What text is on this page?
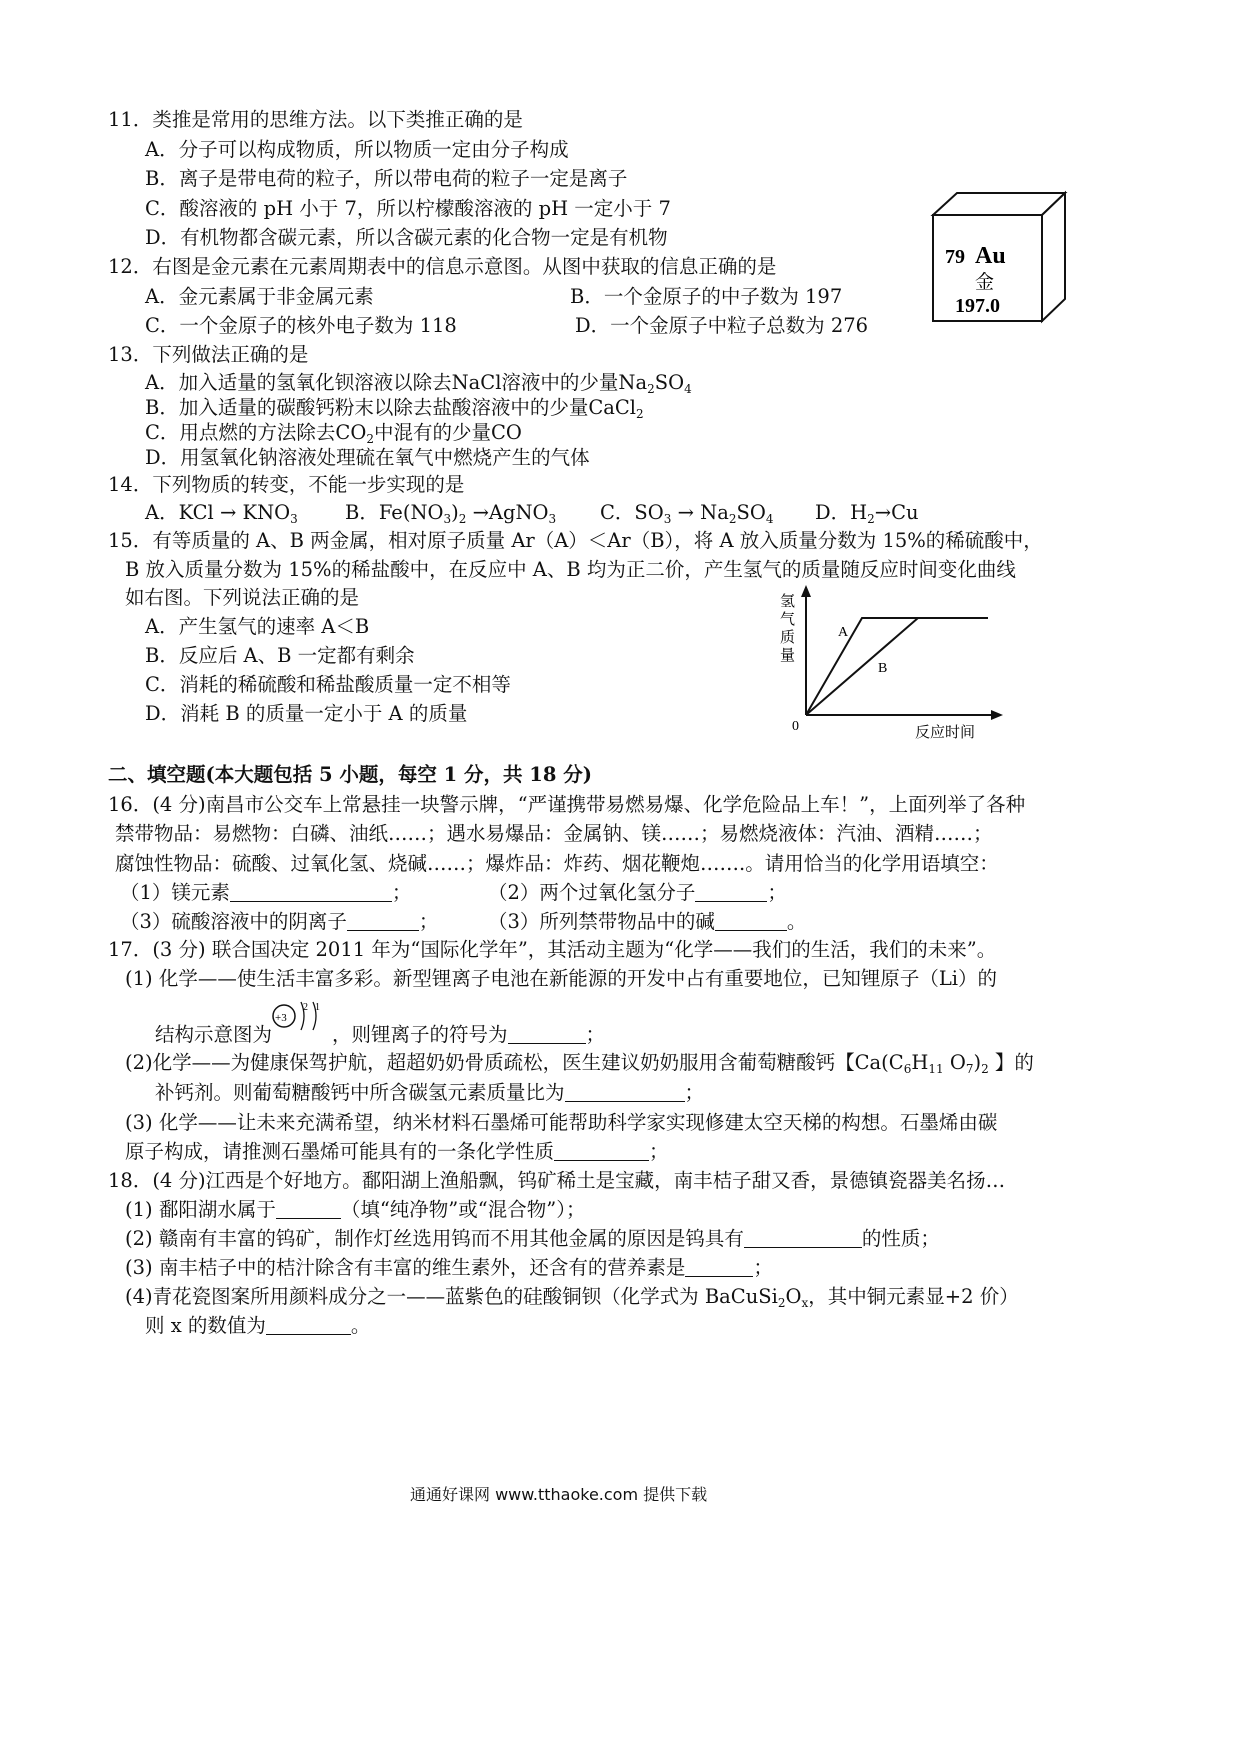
11．类推是常用的思维方法。以下类推正确的是
A．分子可以构成物质，所以物质一定由分子构成
B．离子是带电荷的粒子，所以带电荷的粒子一定是离子
C．酸溶液的 pH 小于 7，所以柠檬酸溶液的 pH 一定小于 7
D．有机物都含碳元素，所以含碳元素的化合物一定是有机物
79 Au
金
197.0
12．右图是金元素在元素周期表中的信息示意图。从图中获取的信息正确的是
A．金元素属于非金属元素	B．一个金原子的中子数为 197
C．一个金原子的核外电子数为 118	D．一个金原子中粒子总数为 276
13．下列做法正确的是
A．加入适量的氢氧化钡溶液以除去NaCl溶液中的少量$Na_2SO_4$
B．加入适量的碳酸钙粉末以除去盐酸溶液中的少量CaCl$_2$
C．用点燃的方法除去$CO_2$中混有的少量CO
D．用氢氧化钠溶液处理硫在氧气中燃烧产生的气体
14．下列物质的转变，不能一步实现的是
A．KCl → $KNO_3$ B．$Fe(NO_3)_2$ →AgNO$_3$ C．$SO_3 \to Na_2SO_4$ D．$H_2\to Cu$
15．有等质量的 A、B 两金属，相对原子质量 Ar（A）＜Ar（B），将 A 放入质量分数为 15%的稀硫酸中，
B 放入质量分数为 15%的稀盐酸中，在反应中 A、B 均为正二价，产生氢气的质量随反应时间变化曲线
如右图。下列说法正确的是
A．产生氢气的速率 A＜B
B．反应后 A、B 一定都有剩余
C．消耗的稀硫酸和稀盐酸质量一定不相等
D．消耗 B 的质量一定小于 A 的质量
氢
气
质
量
0	反应时间
A
B
二、填空题(本大题包括 5 小题，每空 1 分，共 18 分)
16．(4 分)南昌市公交车上常悬挂一块警示牌，“严谨携带易燃易爆、化学危险品上车！”，上面列举了各种
禁带物品：易燃物：白磷、油纸……；遇水易爆品：金属钠、镁……；易燃烧液体：汽油、酒精……；
腐蚀性物品：硫酸、过氧化氢、烧碱……；爆炸品：炸药、烟花鞭炮…….。请用恰当的化学用语填空：
（1）镁元素	；	（2）两个过氧化氢分子	；
（3）硫酸溶液中的阴离子	；	（3）所列禁带物品中的碱	。
17．(3 分) 联合国决定 2011 年为“国际化学年”，其活动主题为“化学——我们的生活，我们的未来”。
(1) 化学——使生活丰富多彩。新型锂离子电池在新能源的开发中占有重要地位，已知锂原子（Li）的
结构示意图为	，则锂离子的符号为	；
+3
2 1
(2)化学——为健康保驾护航，超超奶奶骨质疏松，医生建议奶奶服用含葡萄糖酸钙【$Ca(C_6H_{11}$ $O_7)_2$ 】的
补钙剂。则葡萄糖酸钙中所含碳氢元素质量比为	；
(3) 化学——让未来充满希望，纳米材料石墨烯可能帮助科学家实现修建太空天梯的构想。石墨烯由碳
原子构成，请推测石墨烯可能具有的一条化学性质	；
18．(4 分)江西是个好地方。鄱阳湖上渔船飘，钨矿稀土是宝藏，南丰桔子甜又香，景德镇瓷器美名扬…
(1) 鄱阳湖水属于	（填“纯净物”或“混合物”）；
(2) 赣南有丰富的钨矿，制作灯丝选用钨而不用其他金属的原因是钨具有	的性质；
(3) 南丰桔子中的桔汁除含有丰富的维生素外，还含有的营养素是	；
(4)青花瓷图案所用颜料成分之一——蓝紫色的硅酸铜钡（化学式为 $BaCuSi_2O_x$，其中铜元素显+2 价）
则 x 的数值为	。
通通好课网 www.tthaoke.com 提供下载
